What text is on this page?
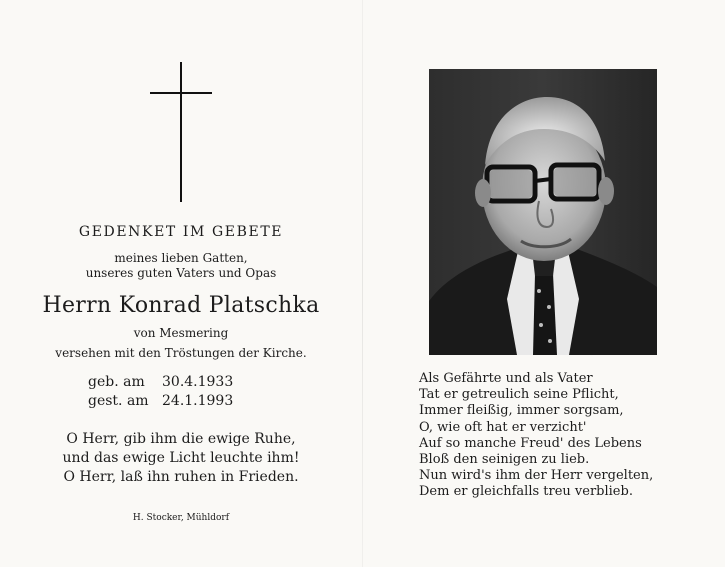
GEDENKET IM GEBETE
meines lieben Gatten,
unseres guten Vaters und Opas
Herrn Konrad Platschka
von Mesmering
versehen mit den Tröstungen der Kirche.
geb. am 30.4.1933
gest. am 24.1.1993
O Herr, gib ihm die ewige Ruhe,
und das ewige Licht leuchte ihm!
O Herr, laß ihn ruhen in Frieden.
H. Stocker, Mühldorf
Als Gefährte und als Vater
Tat er getreulich seine Pflicht,
Immer fleißig, immer sorgsam,
O, wie oft hat er verzicht'
Auf so manche Freud' des Lebens
Bloß den seinigen zu lieb.
Nun wird's ihm der Herr vergelten,
Dem er gleichfalls treu verblieb.
